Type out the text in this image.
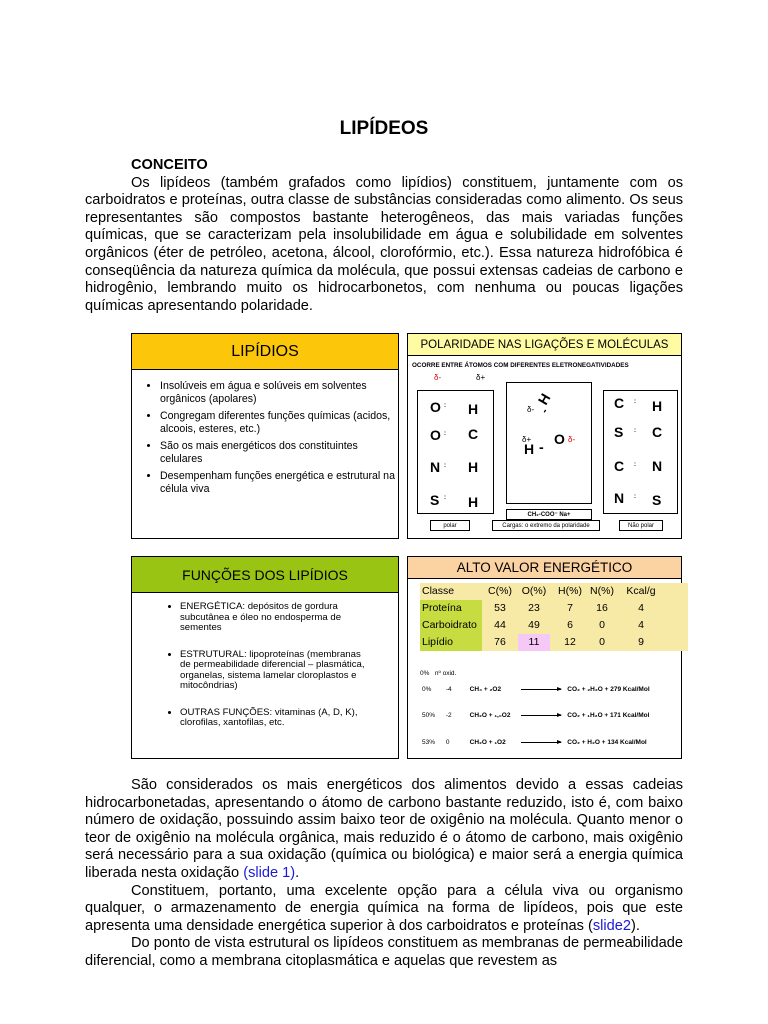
LIPÍDEOS
CONCEITO
Os lipídeos (também grafados como lipídios) constituem, juntamente com os carboidratos e proteínas, outra classe de substâncias consideradas como alimento. Os seus representantes são compostos bastante heterogêneos, das mais variadas funções químicas, que se caracterizam pela insolubilidade em água e solubilidade em solventes orgânicos (éter de petróleo, acetona, álcool, clorofórmio, etc.). Essa natureza hidrofóbica é conseqüência da natureza química da molécula, que possui extensas cadeias de carbono e hidrogênio, lembrando muito os hidrocarbonetos, com nenhuma ou poucas ligações químicas apresentando polaridade.
LIPÍDIOS
• Insolúveis em água e solúveis em solventes orgânicos (apolares)
• Congregam diferentes funções químicas (acidos, alcoois, esteres, etc.)
• São os mais energéticos dos constituintes celulares
• Desempenham funções energética e estrutural na célula viva
POLARIDADE NAS LIGAÇÕES E MOLÉCULAS
OCORRE ENTRE ÁTOMOS COM DIFERENTES ELETRONEGATIVIDADES
δ-	δ+
O : H
O : C
N : H
S : H
δ-
H
-
δ+
H - O δ-
C : H
S : C
C : N
N : S
CH₂-COO⁻ Na+
polar	Cargas: o extremo da polaridade	Não polar
FUNÇÕES DOS LIPÍDIOS
• ENERGÉTICA: depósitos de gordura subcutânea e óleo no endosperma de sementes
• ESTRUTURAL: lipoproteínas (membranas de permeabilidade diferencial – plasmática, organelas, sistema lamelar cloroplastos e mitocôndrias)
• OUTRAS FUNÇÕES: vitaminas (A, D, K), clorofilas, xantofilas, etc.
ALTO VALOR ENERGÉTICO
Classe	C(%) O(%)	H(%) N(%)	Kcal/g
Proteína	53	23	7	16	4
Carboidrato	44	49	6	0	4
Lipídio	76	11	12	0	9
0% nº oxid.
0% -4	CH₄ + ₂O2	CO₂ + ₂H₂O + 279 Kcal/Mol
50% -2	CH₂O + ₁,₀O2	CO₂ + ₁H₂O + 171 Kcal/Mol
53% 0	CH₂O + ₁O2	CO₂ + H₂O + 134 Kcal/Mol
São considerados os mais energéticos dos alimentos devido a essas cadeias hidrocarbonetadas, apresentando o átomo de carbono bastante reduzido, isto é, com baixo número de oxidação, possuindo assim baixo teor de oxigênio na molécula. Quanto menor o teor de oxigênio na molécula orgânica, mais reduzido é o átomo de carbono, mais oxigênio será necessário para a sua oxidação (química ou biológica) e maior será a energia química liberada nesta oxidação (slide 1).
Constituem, portanto, uma excelente opção para a célula viva ou organismo qualquer, o armazenamento de energia química na forma de lipídeos, pois que este apresenta uma densidade energética superior à dos carboidratos e proteínas (slide2).
Do ponto de vista estrutural os lipídeos constituem as membranas de permeabilidade diferencial, como a membrana citoplasmática e aquelas que revestem as
